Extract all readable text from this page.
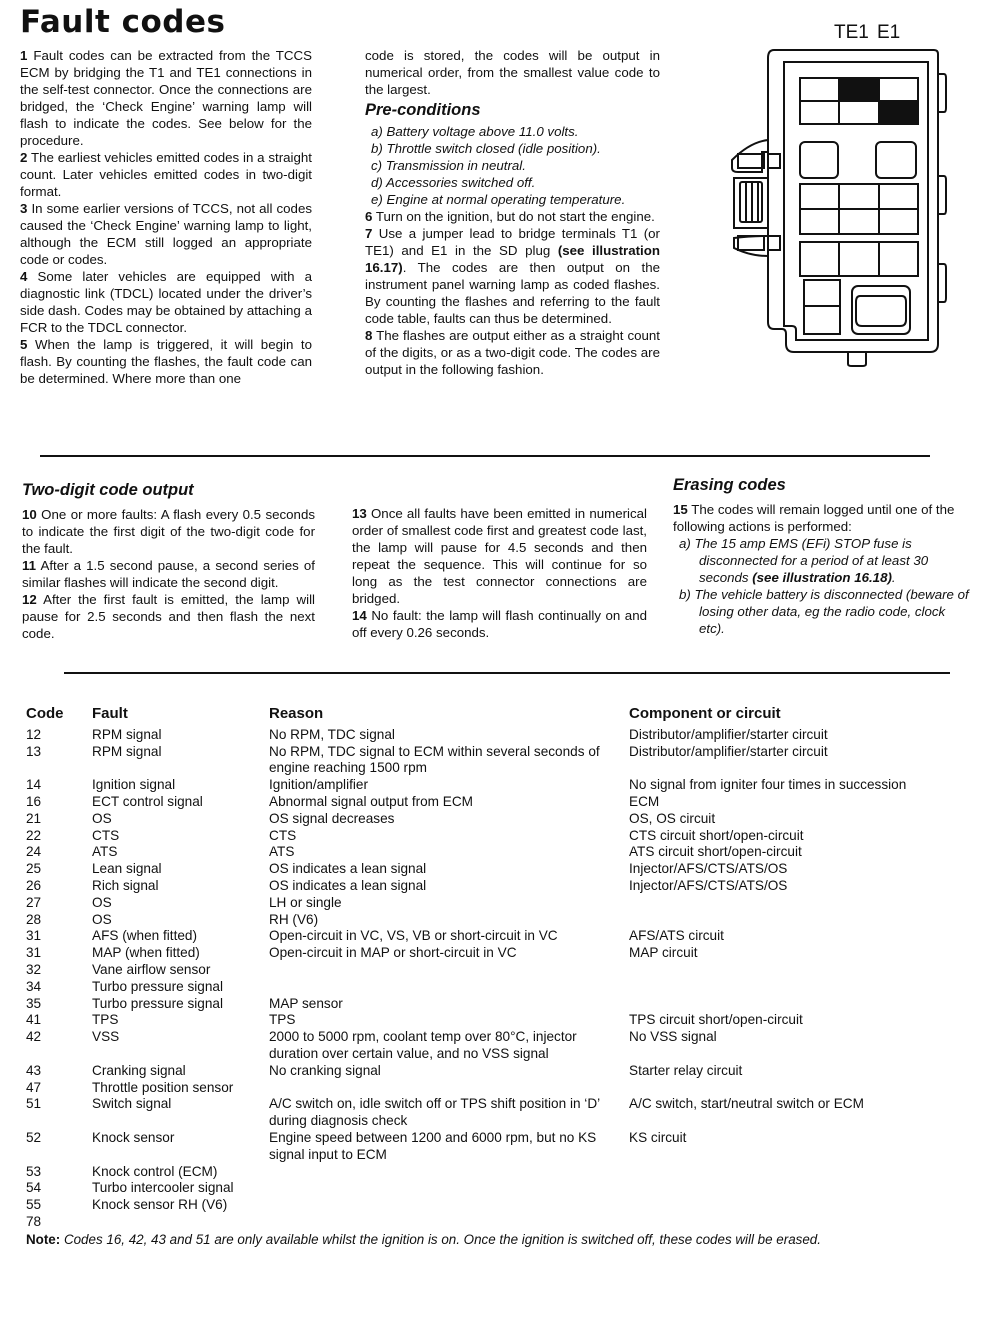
Fault codes

1 Fault codes can be extracted from the TCCS ECM by bridging the T1 and TE1 connections in the self-test connector. Once the connections are bridged, the ‘Check Engine’ warning lamp will flash to indicate the codes. See below for the procedure.

2 The earliest vehicles emitted codes in a straight count. Later vehicles emitted codes in two-digit format.

3 In some earlier versions of TCCS, not all codes caused the ‘Check Engine’ warning lamp to light, although the ECM still logged an appropriate code or codes.

4 Some later vehicles are equipped with a diagnostic link (TDCL) located under the driver’s side dash. Codes may be obtained by attaching a FCR to the TDCL connector.

5 When the lamp is triggered, it will begin to flash. By counting the flashes, the fault code can be determined. Where more than one

code is stored, the codes will be output in numerical order, from the smallest value code to the largest.

Pre-conditions
a) Battery voltage above 11.0 volts.
b) Throttle switch closed (idle position).
c) Transmission in neutral.
d) Accessories switched off.
e) Engine at normal operating temperature.

6 Turn on the ignition, but do not start the engine.

7 Use a jumper lead to bridge terminals T1 (or TE1) and E1 in the SD plug (see illustration 16.17). The codes are then output on the instrument panel warning lamp as coded flashes. By counting the flashes and referring to the fault code table, faults can thus be determined.

8 The flashes are output either as a straight count of the digits, or as a two-digit code. The codes are output in the following fashion.

TE1 E1
Two-digit code output

10 One or more faults: A flash every 0.5 seconds to indicate the first digit of the two-digit code for the fault.

11 After a 1.5 second pause, a second series of similar flashes will indicate the second digit.

12 After the first fault is emitted, the lamp will pause for 2.5 seconds and then flash the next code.

13 Once all faults have been emitted in numerical order of smallest code first and greatest code last, the lamp will pause for 4.5 seconds and then repeat the sequence. This will continue for so long as the test connector connections are bridged.

14 No fault: the lamp will flash continually on and off every 0.26 seconds.

Erasing codes

15 The codes will remain logged until one of the following actions is performed:

a) The 15 amp EMS (EFi) STOP fuse is disconnected for a period of at least 30 seconds (see illustration 16.18).
b) The vehicle battery is disconnected (beware of losing other data, eg the radio code, clock etc).
Code	Fault	Reason	Component or circuit
12	RPM signal	No RPM, TDC signal	Distributor/amplifier/starter circuit
13	RPM signal	No RPM, TDC signal to ECM within several seconds of engine reaching 1500 rpm	Distributor/amplifier/starter circuit
14	Ignition signal	Ignition/amplifier	No signal from igniter four times in succession
16	ECT control signal	Abnormal signal output from ECM	ECM
21	OS	OS signal decreases	OS, OS circuit
22	CTS	CTS	CTS circuit short/open-circuit
24	ATS	ATS	ATS circuit short/open-circuit
25	Lean signal	OS indicates a lean signal	Injector/AFS/CTS/ATS/OS
26	Rich signal	OS indicates a lean signal	Injector/AFS/CTS/ATS/OS
27	OS	LH or single	
28	OS	RH (V6)	
31	AFS (when fitted)	Open-circuit in VC, VS, VB or short-circuit in VC	AFS/ATS circuit
31	MAP (when fitted)	Open-circuit in MAP or short-circuit in VC	MAP circuit
32	Vane airflow sensor		
34	Turbo pressure signal		
35	Turbo pressure signal	MAP sensor	
41	TPS	TPS	TPS circuit short/open-circuit
42	VSS	2000 to 5000 rpm, coolant temp over 80°C, injector duration over certain value, and no VSS signal	No VSS signal
43	Cranking signal	No cranking signal	Starter relay circuit
47	Throttle position sensor		
51	Switch signal	A/C switch on, idle switch off or TPS shift position in ‘D’ during diagnosis check	A/C switch, start/neutral switch or ECM
52	Knock sensor	Engine speed between 1200 and 6000 rpm, but no KS signal input to ECM	KS circuit
53	Knock control (ECM)		
54	Turbo intercooler signal		
55	Knock sensor RH (V6)		
78			
Note: Codes 16, 42, 43 and 51 are only available whilst the ignition is on. Once the ignition is switched off, these codes will be erased.
